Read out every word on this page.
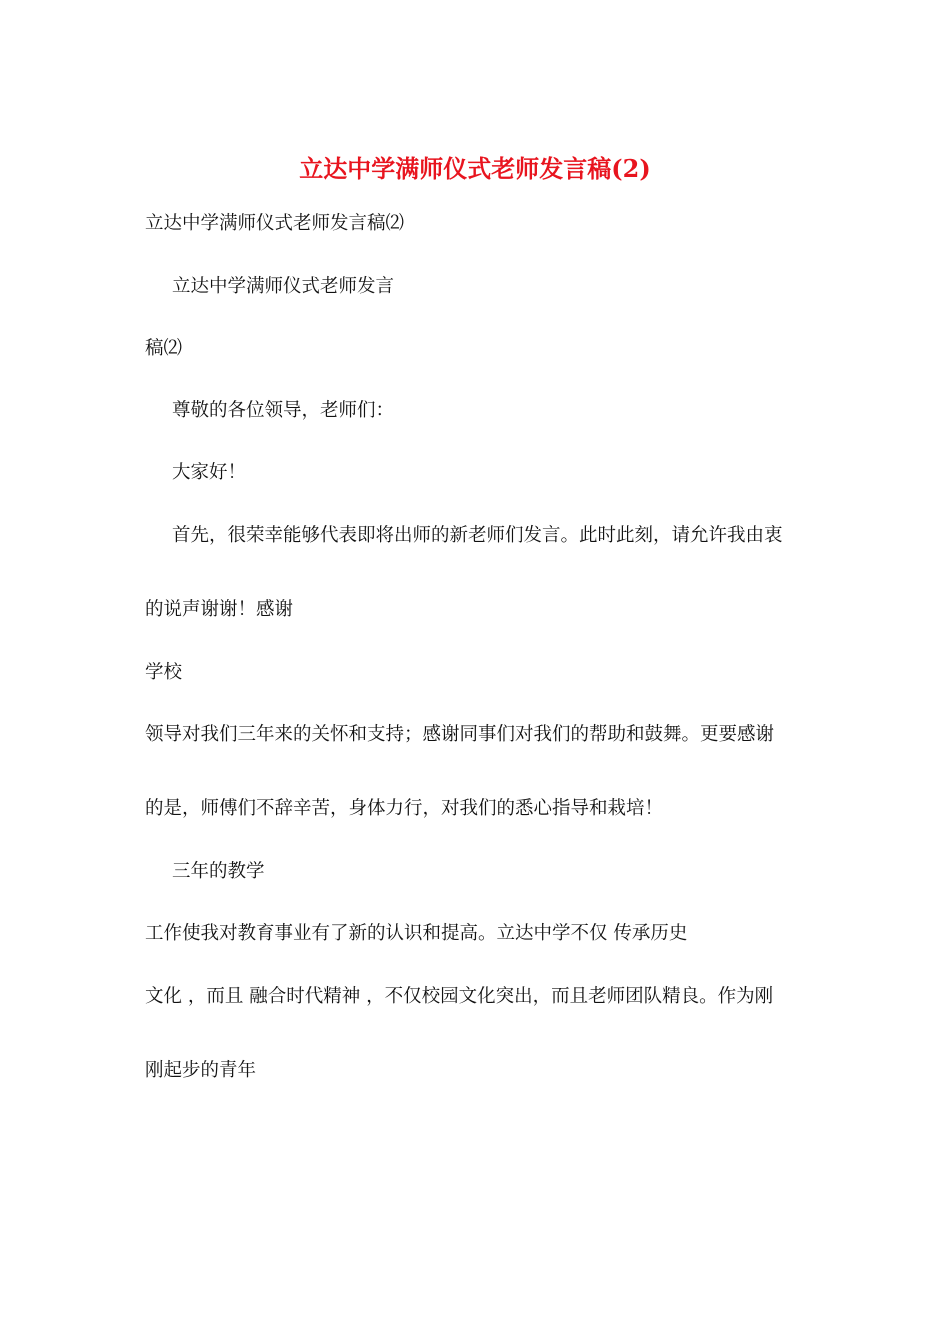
立达中学满师仪式老师发言稿(2)
立达中学满师仪式老师发言稿⑵
立达中学满师仪式老师发言
稿⑵
尊敬的各位领导，老师们：
大家好！
首先，很荣幸能够代表即将出师的新老师们发言。此时此刻，请允许我由衷
的说声谢谢！感谢
学校
领导对我们三年来的关怀和支持；感谢同事们对我们的帮助和鼓舞。更要感谢
的是，师傅们不辞辛苦，身体力行，对我们的悉心指导和栽培！
三年的教学
工作使我对教育事业有了新的认识和提高。立达中学不仅 传承历史
文化 ，而且 融合时代精神 ，不仅校园文化突出，而且老师团队精良。作为刚
刚起步的青年
